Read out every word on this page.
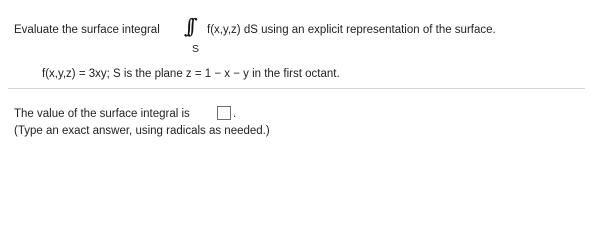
Evaluate the surface integral ∫∫
S
f(x,y,z) dS using an explicit representation of the surface.
f(x,y,z) = 3xy; S is the plane z = 1 − x − y in the first octant.
The value of the surface integral is	.
(Type an exact answer, using radicals as needed.)
